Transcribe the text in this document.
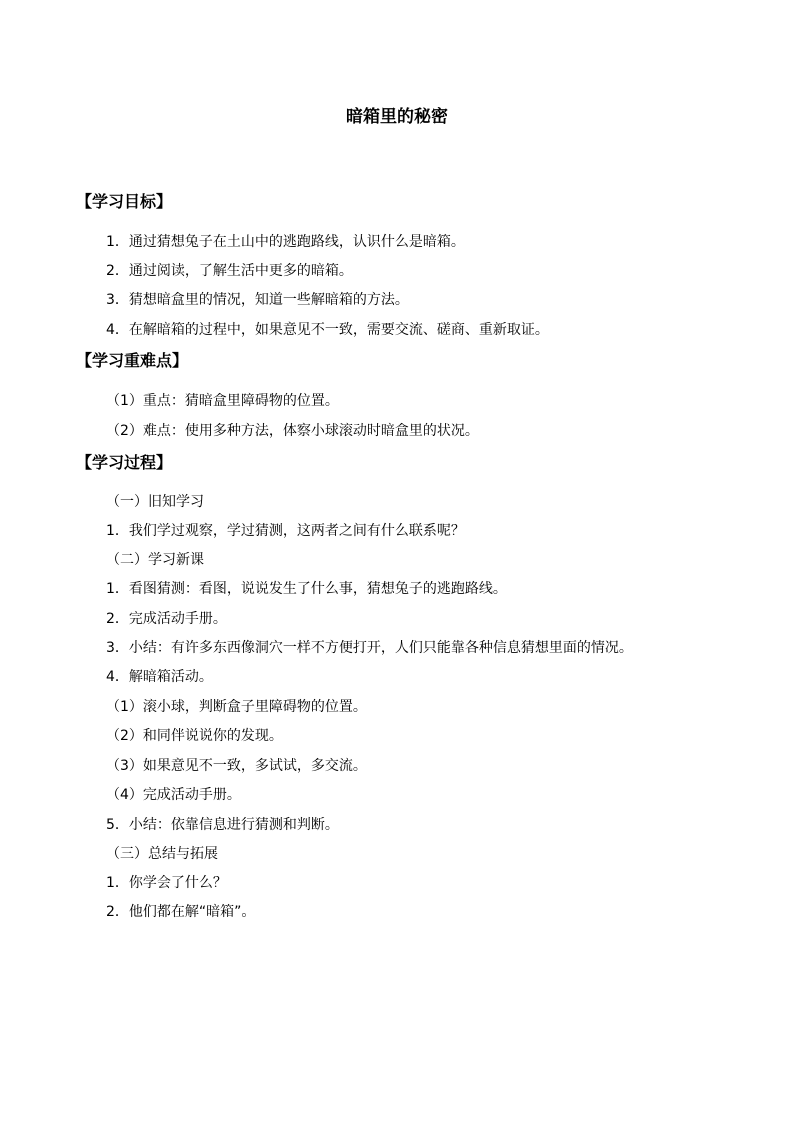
暗箱里的秘密
【学习目标】
1．通过猜想兔子在土山中的逃跑路线，认识什么是暗箱。
2．通过阅读，了解生活中更多的暗箱。
3．猜想暗盒里的情况，知道一些解暗箱的方法。
4．在解暗箱的过程中，如果意见不一致，需要交流、磋商、重新取证。
【学习重难点】
（1）重点：猜暗盒里障碍物的位置。
（2）难点：使用多种方法，体察小球滚动时暗盒里的状况。
【学习过程】
（一）旧知学习
1．我们学过观察，学过猜测，这两者之间有什么联系呢？
（二）学习新课
1．看图猜测：看图，说说发生了什么事，猜想兔子的逃跑路线。
2．完成活动手册。
3．小结：有许多东西像洞穴一样不方便打开，人们只能靠各种信息猜想里面的情况。
4．解暗箱活动。
（1）滚小球，判断盒子里障碍物的位置。
（2）和同伴说说你的发现。
（3）如果意见不一致，多试试，多交流。
（4）完成活动手册。
5．小结：依靠信息进行猜测和判断。
（三）总结与拓展
1．你学会了什么？
2．他们都在解“暗箱”。
